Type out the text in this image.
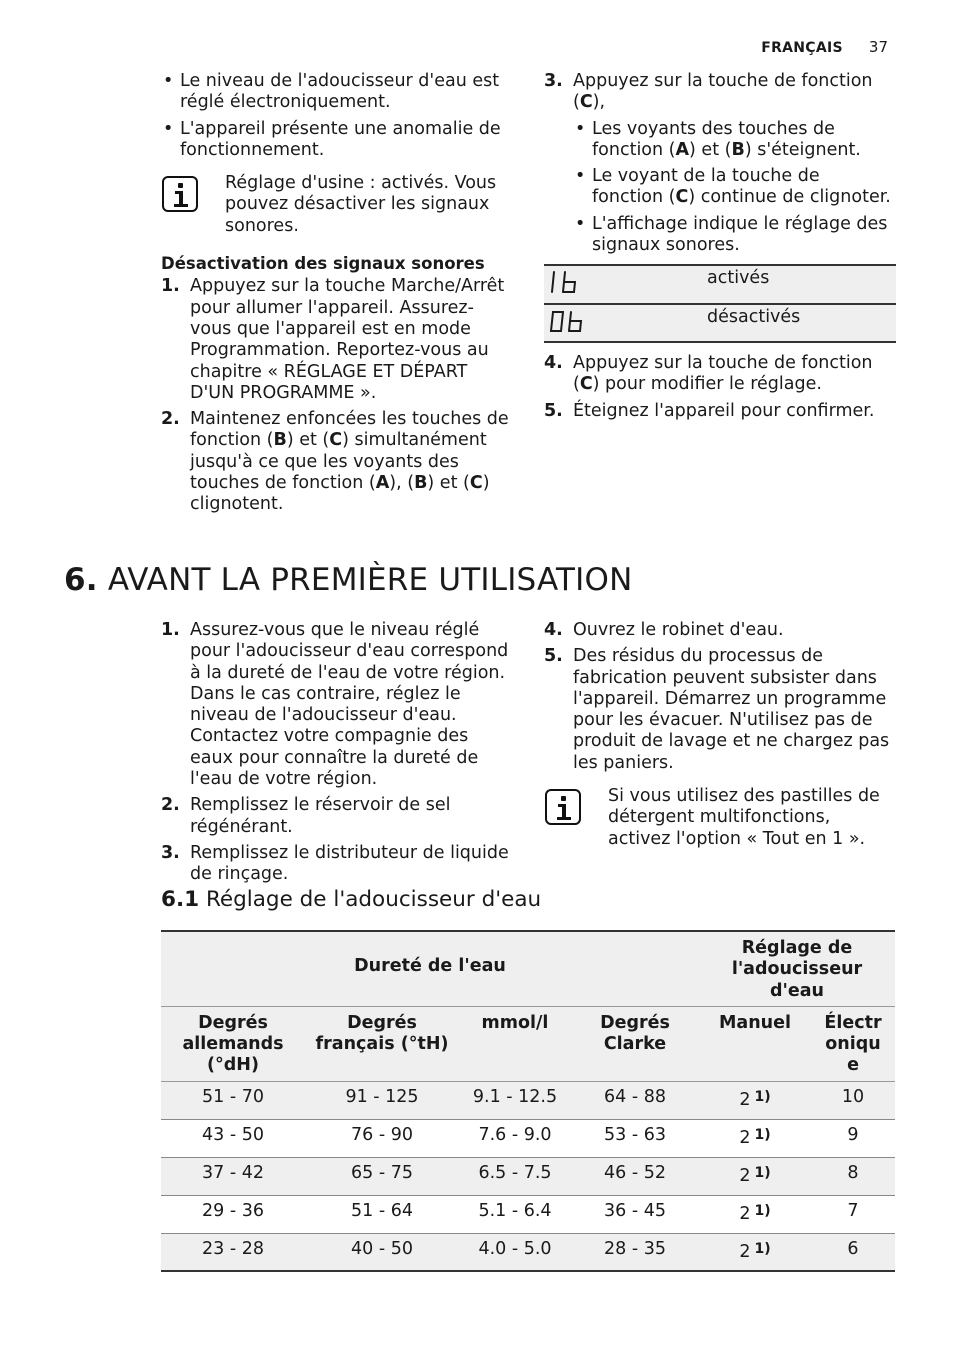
FRANÇAIS 37
• Le niveau de l'adoucisseur d'eau est réglé électroniquement.
• L'appareil présente une anomalie de fonctionnement.
Réglage d'usine : activés. Vous pouvez désactiver les signaux sonores.
Désactivation des signaux sonores
1. Appuyez sur la touche Marche/Arrêt pour allumer l'appareil. Assurez-vous que l'appareil est en mode Programmation. Reportez-vous au chapitre « RÉGLAGE ET DÉPART D'UN PROGRAMME ».
2. Maintenez enfoncées les touches de fonction (B) et (C) simultanément jusqu'à ce que les voyants des touches de fonction (A), (B) et (C) clignotent.
3. Appuyez sur la touche de fonction (C),
• Les voyants des touches de fonction (A) et (B) s'éteignent.
• Le voyant de la touche de fonction (C) continue de clignoter.
• L'affichage indique le réglage des signaux sonores.
	activés
	désactivés
4. Appuyez sur la touche de fonction (C) pour modifier le réglage.
5. Éteignez l'appareil pour confirmer.
6. AVANT LA PREMIÈRE UTILISATION
1. Assurez-vous que le niveau réglé pour l'adoucisseur d'eau correspond à la dureté de l'eau de votre région. Dans le cas contraire, réglez le niveau de l'adoucisseur d'eau. Contactez votre compagnie des eaux pour connaître la dureté de l'eau de votre région.
2. Remplissez le réservoir de sel régénérant.
3. Remplissez le distributeur de liquide de rinçage.
4. Ouvrez le robinet d'eau.
5. Des résidus du processus de fabrication peuvent subsister dans l'appareil. Démarrez un programme pour les évacuer. N'utilisez pas de produit de lavage et ne chargez pas les paniers.
Si vous utilisez des pastilles de détergent multifonctions, activez l'option « Tout en 1 ».
6.1 Réglage de l'adoucisseur d'eau
Dureté de l'eau				Réglage de l'adoucisseur d'eau	
Degrés allemands (°dH)	Degrés français (°tH)	mmol/l	Degrés Clarke	Manuel	Électronique
51 - 70	91 - 125	9.1 - 12.5	64 - 88	2 $^{1)}$	10
43 - 50	76 - 90	7.6 - 9.0	53 - 63	2 $^{1)}$	9
37 - 42	65 - 75	6.5 - 7.5	46 - 52	2 $^{1)}$	8
29 - 36	51 - 64	5.1 - 6.4	36 - 45	2 $^{1)}$	7
23 - 28	40 - 50	4.0 - 5.0	28 - 35	2 $^{1)}$	6
